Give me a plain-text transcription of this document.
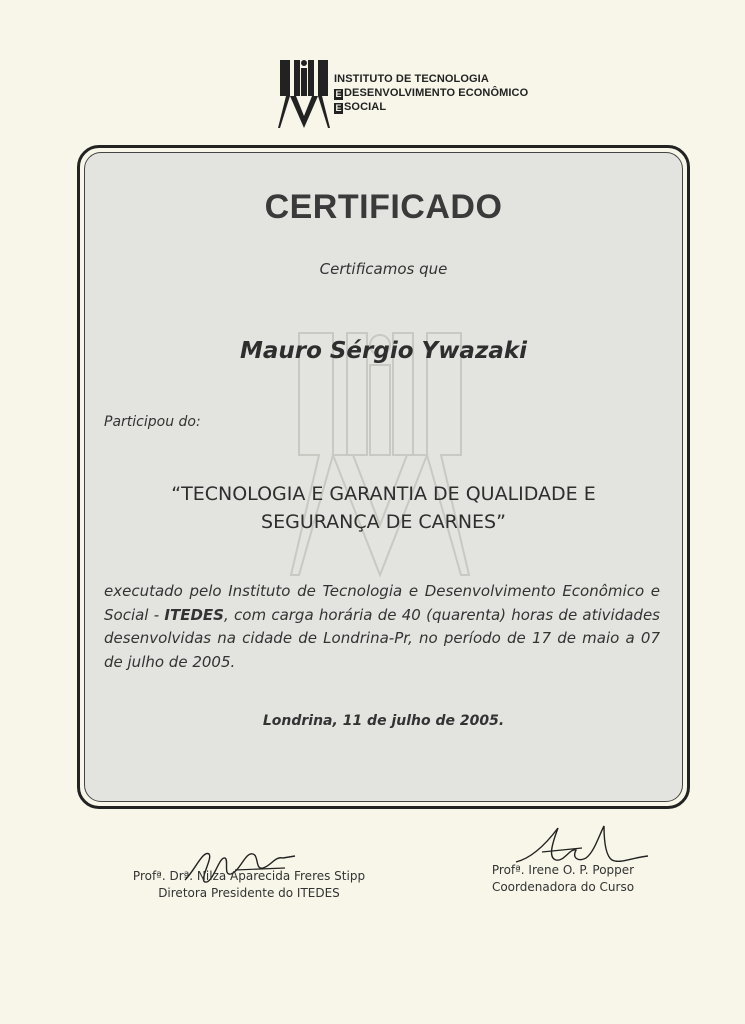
INSTITUTO DE TECNOLOGIA
E DESENVOLVIMENTO ECONÔMICO
E SOCIAL
CERTIFICADO
Certificamos que
Mauro Sérgio Ywazaki
Participou do:
“TECNOLOGIA E GARANTIA DE QUALIDADE E
SEGURANÇA DE CARNES”
executado pelo Instituto de Tecnologia e Desenvolvimento Econômico e Social - ITEDES, com carga horária de 40 (quarenta) horas de atividades desenvolvidas na cidade de Londrina-Pr, no período de 17 de maio a 07 de julho de 2005.
Londrina, 11 de julho de 2005.
Profª. Drª. Nilza Aparecida Freres Stipp
Diretora Presidente do ITEDES
Profª. Irene O. P. Popper
Coordenadora do Curso
